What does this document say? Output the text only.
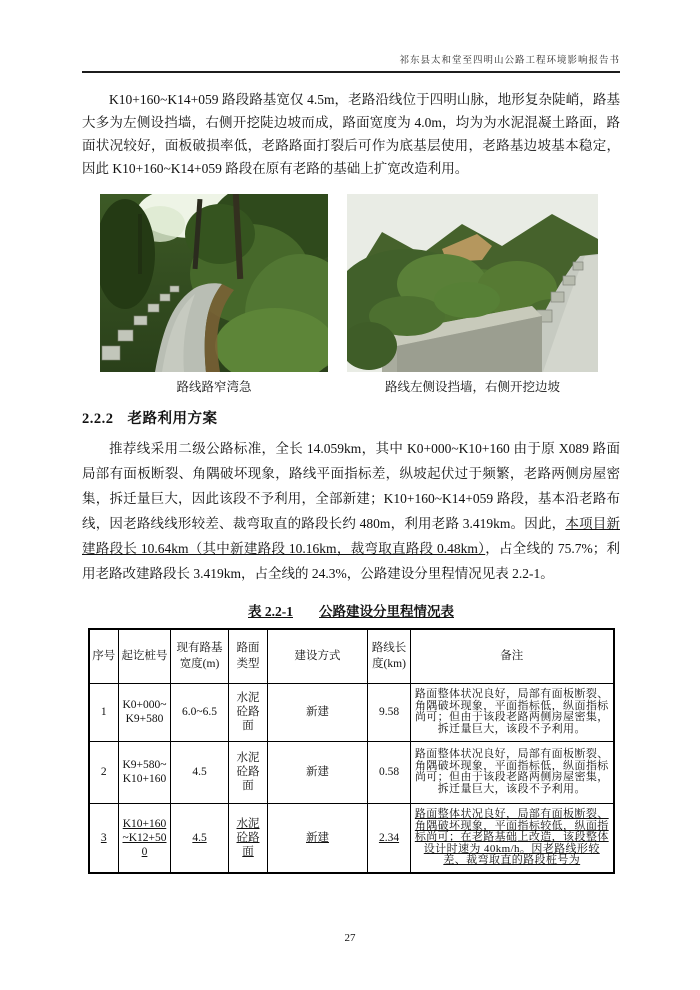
祁东县太和堂至四明山公路工程环境影响报告书

K10+160~K14+059 路段路基宽仅 4.5m，老路沿线位于四明山脉，地形复杂陡峭，路基大多为左侧设挡墙，右侧开挖陡边坡而成，路面宽度为 4.0m，均为为水泥混凝土路面，路面状况较好，面板破损率低，老路路面打裂后可作为底基层使用，老路基边坡基本稳定，因此 K10+160~K14+059 路段在原有老路的基础上扩宽改造利用。

路线路窄湾急	路线左侧设挡墙，右侧开挖边坡
2.2.2 老路利用方案

推荐线采用二级公路标准，全长 14.059km，其中 K0+000~K10+160 由于原 X089 路面局部有面板断裂、角隅破坏现象，路线平面指标差，纵坡起伏过于频繁，老路两侧房屋密集，拆迁量巨大，因此该段不予利用，全部新建；K10+160~K14+059 路段，基本沿老路布线，因老路线线形较差、裁弯取直的路段长约 480m，利用老路 3.419km。因此，本项目新建路段长 10.64km（其中新建路段 10.16km，裁弯取直路段 0.48km），占全线的 75.7%；利用老路改建路段长 3.419km，占全线的 24.3%，公路建设分里程情况见表 2.2-1。

表 2.2-1 公路建设分里程情况表
序号	起讫桩号	现有路基宽度(m)	路面类型	建设方式	路线长度(km)	备注
1	K0+000~K9+580	6.0~6.5	水泥砼路面	新建	9.58	路面整体状况良好，局部有面板断裂、角隅破坏现象，平面指标低，纵面指标尚可；但由于该段老路两侧房屋密集，拆迁量巨大，该段不予利用。
2	K9+580~K10+160	4.5	水泥砼路面	新建	0.58	路面整体状况良好，局部有面板断裂、角隅破坏现象，平面指标低，纵面指标尚可；但由于该段老路两侧房屋密集，拆迁量巨大，该段不予利用。
3	K10+160~K12+500	4.5	水泥砼路面	新建	2.34	路面整体状况良好，局部有面板断裂、角隅破坏现象，平面指标较低，纵面指标尚可；在老路基础上改造，该段整体设计时速为 40km/h。因老路线形较差、裁弯取直的路段桩号为
27
